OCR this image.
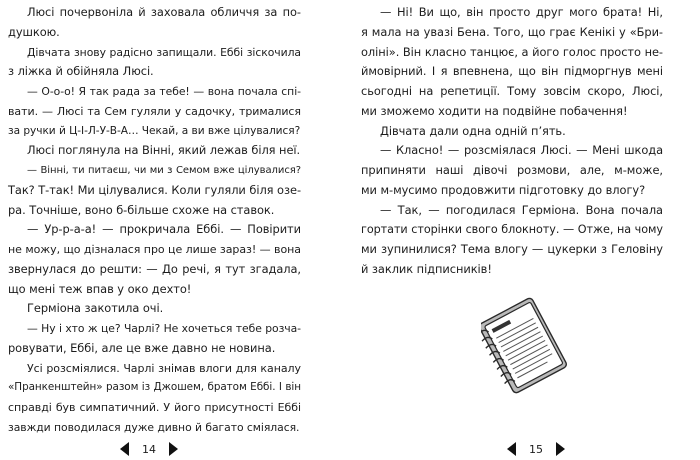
Люсі почервоніла й заховала обличчя за по-

душкою.

Дівчата знову радісно запищали. Еббі зіскочила

з ліжка й обійняла Люсі.

— О-о-о! Я так рада за тебе! — вона почала спі-

вати. — Люсі та Сем гуляли у садочку, трималися

за ручки й Ц-І-Л-У-В-А… Чекай, а ви вже цілувалися?

Люсі поглянула на Вінні, який лежав біля неї.

— Вінні, ти питаєш, чи ми з Семом вже цілувалися?

Так? Т-так! Ми цілувалися. Коли гуляли біля озе-

ра. Точніше, воно б-більше схоже на ставок.

— Ур-р-а-а! — прокричала Еббі. — Повірити

не можу, що дізналася про це лише зараз! — вона

звернулася до решти: — До речі, я тут згадала,

що мені теж впав у око дехто!

Герміона закотила очі.

— Ну і хто ж це? Чарлі? Не хочеться тебе розча-

ровувати, Еббі, але це вже давно не новина.

Усі розсміялися. Чарлі знімав влоги для каналу

«Пранкенштейн» разом із Джошем, братом Еббі. І він

справді був симпатичний. У його присутності Еббі

завжди поводилася дуже дивно й багато сміялася.

14

— Ні! Ви що, він просто друг мого брата! Ні,

я мала на увазі Бена. Того, що грає Кенікі у «Бри-

оліні». Він класно танцює, а його голос просто не-

ймовірний. І я впевнена, що він підморгнув мені

сьогодні на репетиції. Тому зовсім скоро, Люсі,

ми зможемо ходити на подвійне побачення!

Дівчата дали одна одній п’ять.

— Класно! — розсміялася Люсі. — Мені шкода

припиняти наші дівочі розмови, але, м-може,

ми м-мусимо продовжити підготовку до влогу?

— Так, — погодилася Герміона. Вона почала

гортати сторінки свого блокноту. — Отже, на чому

ми зупинилися? Тема влогу — цукерки з Геловіну

й заклик підписників!

15
